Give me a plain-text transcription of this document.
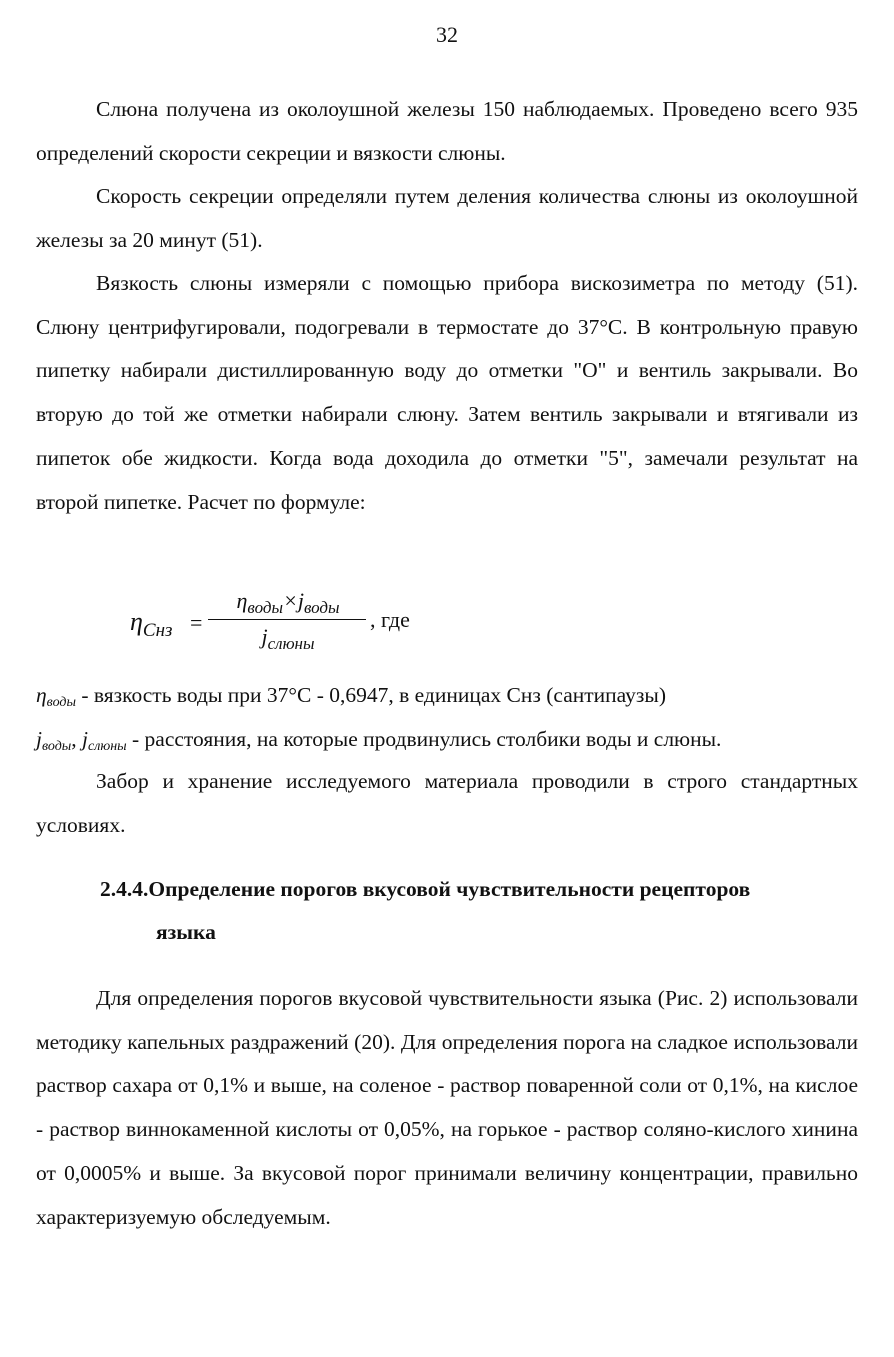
32

Слюна получена из околоушной железы 150 наблюдаемых. Проведено всего 935 определений скорости секреции и вязкости слюны.

Скорость секреции определяли путем деления количества слюны из околоушной железы за 20 минут (51).

Вязкость слюны измеряли с помощью прибора вискозиметра по методу (51). Слюну центрифугировали, подогревали в термостате до 37°C. В контрольную правую пипетку набирали дистиллированную воду до отметки "O" и вентиль закрывали. Во вторую до той же отметки набирали слюну. Затем вентиль закрывали и втягивали из пипеток обе жидкости. Когда вода доходила до отметки "5", замечали результат на второй пипетке. Расчет по формуле:

$\eta_{Снз}$ =
$\eta_{воды}\times j_{воды}$
$j_{слюны}$
, где
$\eta_{воды}$ - вязкость воды при 37°C - 0,6947, в единицах Снз (сантипаузы)
$j_{воды}$, $j_{слюны}$ - расстояния, на которые продвинулись столбики воды и слюны.

Забор и хранение исследуемого материала проводили в строго стандартных условиях.

2.4.4.Определение порогов вкусовой чувствительности рецепторов
языка

Для определения порогов вкусовой чувствительности языка (Рис. 2) использовали методику капельных раздражений (20). Для определения порога на сладкое использовали раствор сахара от 0,1% и выше, на соленое - раствор поваренной соли от 0,1%, на кислое - раствор виннокаменной кислоты от 0,05%, на горькое - раствор соляно-кислого хинина от 0,0005% и выше. За вкусовой порог принимали величину концентрации, правильно характеризуемую обследуемым.
